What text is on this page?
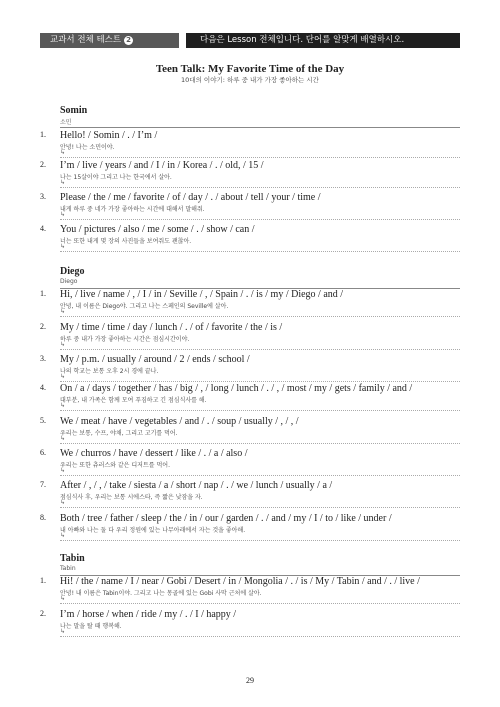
교과서 전체 테스트 2	다음은 Lesson 전체입니다. 단어를 알맞게 배열하시오.
Teen Talk: My Favorite Time of the Day
10대의 이야기: 하루 중 내가 가장 좋아하는 시간
Somin
소민
1.	Hello! / Somin / . / I’m /
안녕! 나는 소민이야.
↳
2.	I’m / live / years / and / I / in / Korea / . / old, / 15 /
나는 15살이야 그리고 나는 한국에서 살아.
↳
3.	Please / the / me / favorite / of / day / . / about / tell / your / time /
내게 하루 중 네가 가장 좋아하는 시간에 대해서 말해줘.
↳
4.	You / pictures / also / me / some / . / show / can /
너는 또한 내게 몇 장의 사진들을 보여줘도 괜찮아.
↳
Diego
Diego
1.	Hi, / live / name / , / I / in / Seville / , / Spain / . / is / my / Diego / and /
안녕, 내 이름은 Diego야. 그리고 나는 스페인의 Seville에 살아.
↳
2.	My / time / time / day / lunch / . / of / favorite / the / is /
하루 중 내가 가장 좋아하는 시간은 점심시간이야.
↳
3.	My / p.m. / usually / around / 2 / ends / school /
나의 학교는 보통 오후 2시 경에 끝나.
↳
4.	On / a / days / together / has / big / , / long / lunch / . / , / most / my / gets / family / and /
대부분, 내 가족은 함께 모여 푸짐하고 긴 점심식사를 해.
↳
5.	We / meat / have / vegetables / and / . / soup / usually / , / , /
우리는 보통, 수프, 야채, 그리고 고기를 먹어.
↳
6.	We / churros / have / dessert / like / . / a / also /
우리는 또한 츄러스와 같은 디저트를 먹어.
↳
7.	After / , / , / take / siesta / a / short / nap / . / we / lunch / usually / a /
점심식사 후, 우리는 보통 시에스타, 즉 짧은 낮잠을 자.
↳
8.	Both / tree / father / sleep / the / in / our / garden / . / and / my / I / to / like / under /
내 아빠와 나는 둘 다 우리 정원에 있는 나무아래에서 자는 것을 좋아해.
↳
Tabin
Tabin
1.	Hi! / the / name / I / near / Gobi / Desert / in / Mongolia / . / is / My / Tabin / and / . / live /
안녕! 내 이름은 Tabin이야. 그리고 나는 몽골에 있는 Gobi 사막 근처에 살아.
↳
2.	I’m / horse / when / ride / my / . / I / happy /
나는 말을 탈 때 행복해.
↳
29
